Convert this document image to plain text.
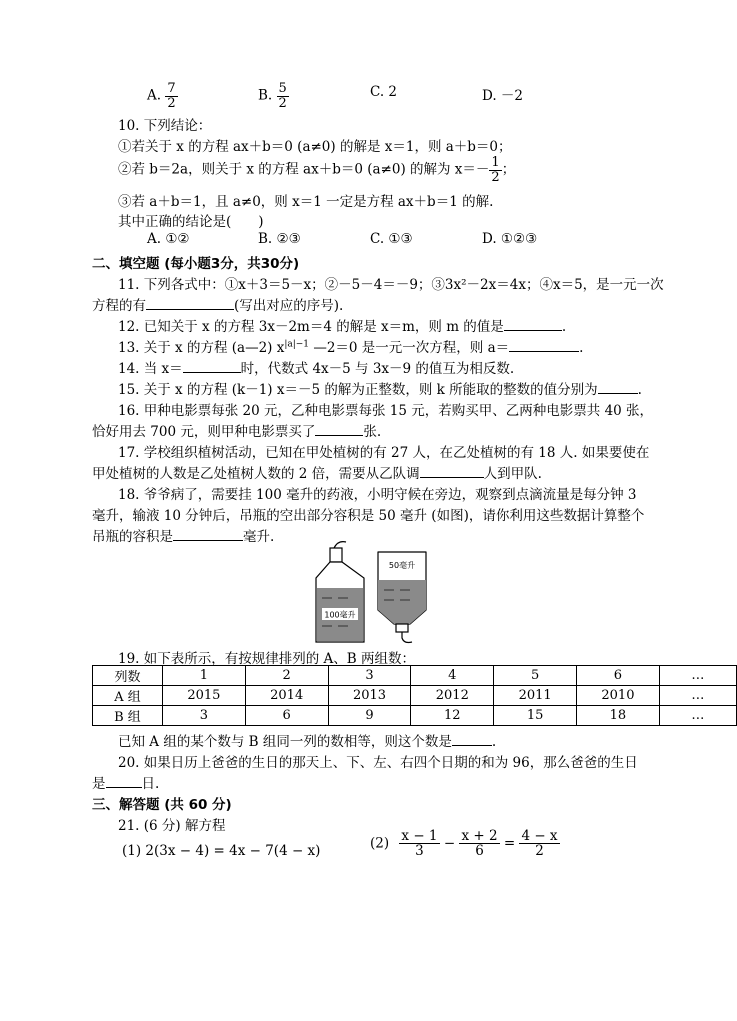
A. $\frac{7}{2}$	B. $\frac{5}{2}$	C. 2	D. －2
10. 下列结论：
①若关于 x 的方程 ax＋b＝0 (a≠0) 的解是 x＝1，则 a＋b＝0；
②若 b＝2a，则关于 x 的方程 ax＋b＝0 (a≠0) 的解为 $x=- \frac{1}{2}$ ；
③若 a＋b＝1，且 a≠0，则 x＝1 一定是方程 ax＋b＝1 的解.
其中正确的结论是(　　)
A. ①②	B. ②③	C. ①③	D. ①②③
二、填空题 (每小题3分，共30分)
11. 下列各式中：①x＋3＝5－x；②－5－4＝－9；③3x²－2x＝4x；④x＝5，是一元一次
方程的有	(写出对应的序号).
12. 已知关于 x 的方程 3x－2m＝4 的解是 x＝m，则 m 的值是	.
13. 关于 x 的方程 (a—2) $x^{|a|-1}$ —2＝0 是一元一次方程，则 a＝	.
14. 当 x＝	时，代数式 4x－5 与 3x－9 的值互为相反数.
15. 关于 x 的方程 (k－1) x＝－5 的解为正整数，则 k 所能取的整数的值分别为	.
16. 甲种电影票每张 20 元，乙种电影票每张 15 元，若购买甲、乙两种电影票共 40 张，
恰好用去 700 元，则甲种电影票买了	张.
17. 学校组织植树活动，已知在甲处植树的有 27 人，在乙处植树的有 18 人. 如果要使在
甲处植树的人数是乙处植树人数的 2 倍，需要从乙队调	人到甲队.
18. 爷爷病了，需要挂 100 毫升的药液，小明守候在旁边，观察到点滴流量是每分钟 3
毫升，输液 10 分钟后，吊瓶的空出部分容积是 50 毫升 (如图)，请你利用这些数据计算整个
吊瓶的容积是	毫升.
100毫升
50毫升
19. 如下表所示，有按规律排列的 A、B 两组数：
列数	1	2	3	4	5	6	…
A 组	2015	2014	2013	2012	2011	2010	…
B 组	3	6	9	12	15	18	…
已知 A 组的某个数与 B 组同一列的数相等，则这个数是	.
20. 如果日历上爸爸的生日的那天上、下、左、右四个日期的和为 96，那么爸爸的生日
是	日.
三、解答题 (共 60 分)
21. (6 分) 解方程
(1) 2(3x − 4) = 4x − 7(4 − x)	$(2) \frac{x - 1}{3} - \frac{x + 2}{6} = \frac{4 - x}{2}$
